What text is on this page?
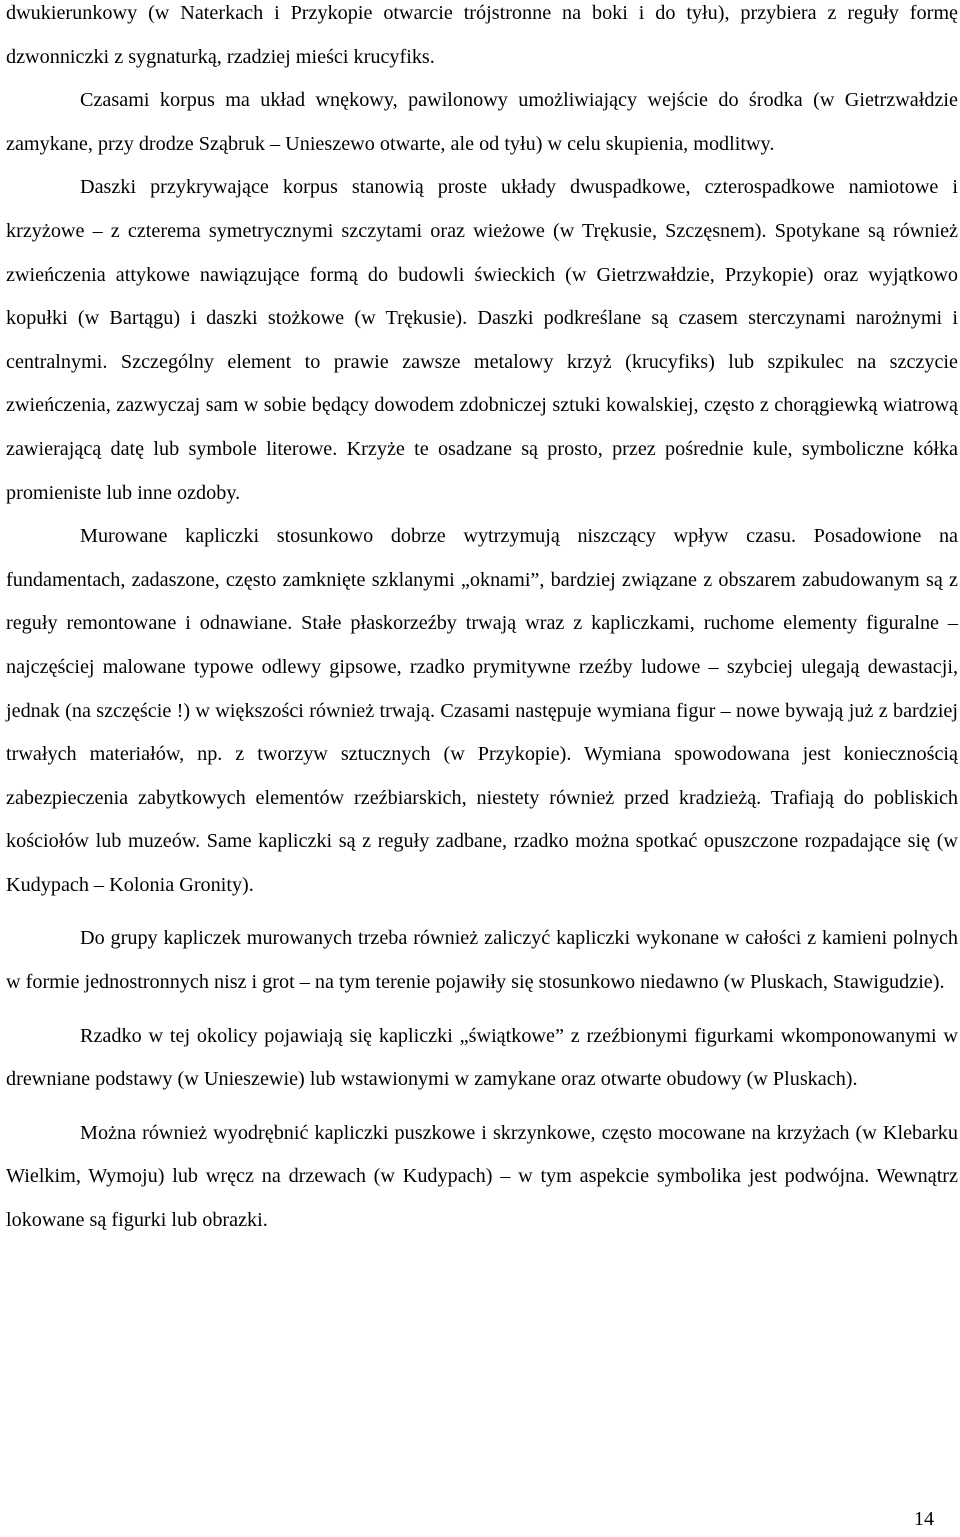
dwukierunkowy (w Naterkach i Przykopie otwarcie trójstronne na boki i do tyłu), przybiera z reguły formę dzwonniczki z sygnaturką, rzadziej mieści krucyfiks.

Czasami korpus ma układ wnękowy, pawilonowy umożliwiający wejście do środka (w Gietrzwałdzie zamykane, przy drodze Sząbruk – Unieszewo otwarte, ale od tyłu) w celu skupienia, modlitwy.

Daszki przykrywające korpus stanowią proste układy dwuspadkowe, czterospadkowe namiotowe i krzyżowe – z czterema symetrycznymi szczytami oraz wieżowe (w Trękusie, Szczęsnem). Spotykane są również zwieńczenia attykowe nawiązujące formą do budowli świeckich (w Gietrzwałdzie, Przykopie) oraz wyjątkowo kopułki (w Bartągu) i daszki stożkowe (w Trękusie). Daszki podkreślane są czasem sterczynami narożnymi i centralnymi. Szczególny element to prawie zawsze metalowy krzyż (krucyfiks) lub szpikulec na szczycie zwieńczenia, zazwyczaj sam w sobie będący dowodem zdobniczej sztuki kowalskiej, często z chorągiewką wiatrową zawierającą datę lub symbole literowe. Krzyże te osadzane są prosto, przez pośrednie kule, symboliczne kółka promieniste lub inne ozdoby.

Murowane kapliczki stosunkowo dobrze wytrzymują niszczący wpływ czasu. Posadowione na fundamentach, zadaszone, często zamknięte szklanymi „oknami”, bardziej związane z obszarem zabudowanym są z reguły remontowane i odnawiane. Stałe płaskorzeźby trwają wraz z kapliczkami, ruchome elementy figuralne – najczęściej malowane typowe odlewy gipsowe, rzadko prymitywne rzeźby ludowe – szybciej ulegają dewastacji, jednak (na szczęście !) w większości również trwają. Czasami następuje wymiana figur – nowe bywają już z bardziej trwałych materiałów, np. z tworzyw sztucznych (w Przykopie). Wymiana spowodowana jest koniecznością zabezpieczenia zabytkowych elementów rzeźbiarskich, niestety również przed kradzieżą. Trafiają do pobliskich kościołów lub muzeów. Same kapliczki są z reguły zadbane, rzadko można spotkać opuszczone rozpadające się (w Kudypach – Kolonia Gronity).

Do grupy kapliczek murowanych trzeba również zaliczyć kapliczki wykonane w całości z kamieni polnych w formie jednostronnych nisz i grot – na tym terenie pojawiły się stosunkowo niedawno (w Pluskach, Stawigudzie).

Rzadko w tej okolicy pojawiają się kapliczki „świątkowe” z rzeźbionymi figurkami wkomponowanymi w drewniane podstawy (w Unieszewie) lub wstawionymi w zamykane oraz otwarte obudowy (w Pluskach).

Można również wyodrębnić kapliczki puszkowe i skrzynkowe, często mocowane na krzyżach (w Klebarku Wielkim, Wymoju) lub wręcz na drzewach (w Kudypach) – w tym aspekcie symbolika jest podwójna. Wewnątrz lokowane są figurki lub obrazki.

14
